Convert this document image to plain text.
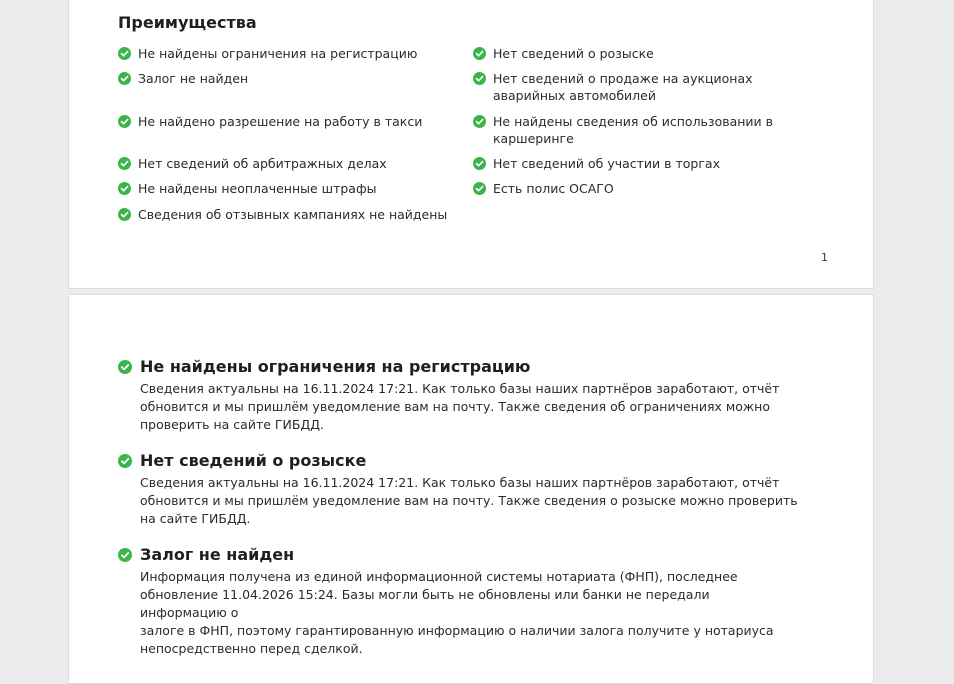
Преимущества
Не найдены ограничения на регистрацию
Залог не найден
Не найдено разрешение на работу в такси
Нет сведений об арбитражных делах
Не найдены неоплаченные штрафы
Сведения об отзывных кампаниях не найдены
Нет сведений о розыске
Нет сведений о продаже на аукционах аварийных автомобилей
Не найдены сведения об использовании в каршеринге
Нет сведений об участии в торгах
Есть полис ОСАГО
1
Не найдены ограничения на регистрацию
Сведения актуальны на 16.11.2024 17:21. Как только базы наших партнёров заработают, отчёт
обновится и мы пришлём уведомление вам на почту. Также сведения об ограничениях можно
проверить на сайте ГИБДД.
Нет сведений о розыске
Сведения актуальны на 16.11.2024 17:21. Как только базы наших партнёров заработают, отчёт
обновится и мы пришлём уведомление вам на почту. Также сведения о розыске можно проверить
на сайте ГИБДД.
Залог не найден
Информация получена из единой информационной системы нотариата (ФНП), последнее
обновление 11.04.2026 15:24. Базы могли быть не обновлены или банки не передали информацию о
залоге в ФНП, поэтому гарантированную информацию о наличии залога получите у нотариуса
непосредственно перед сделкой.
